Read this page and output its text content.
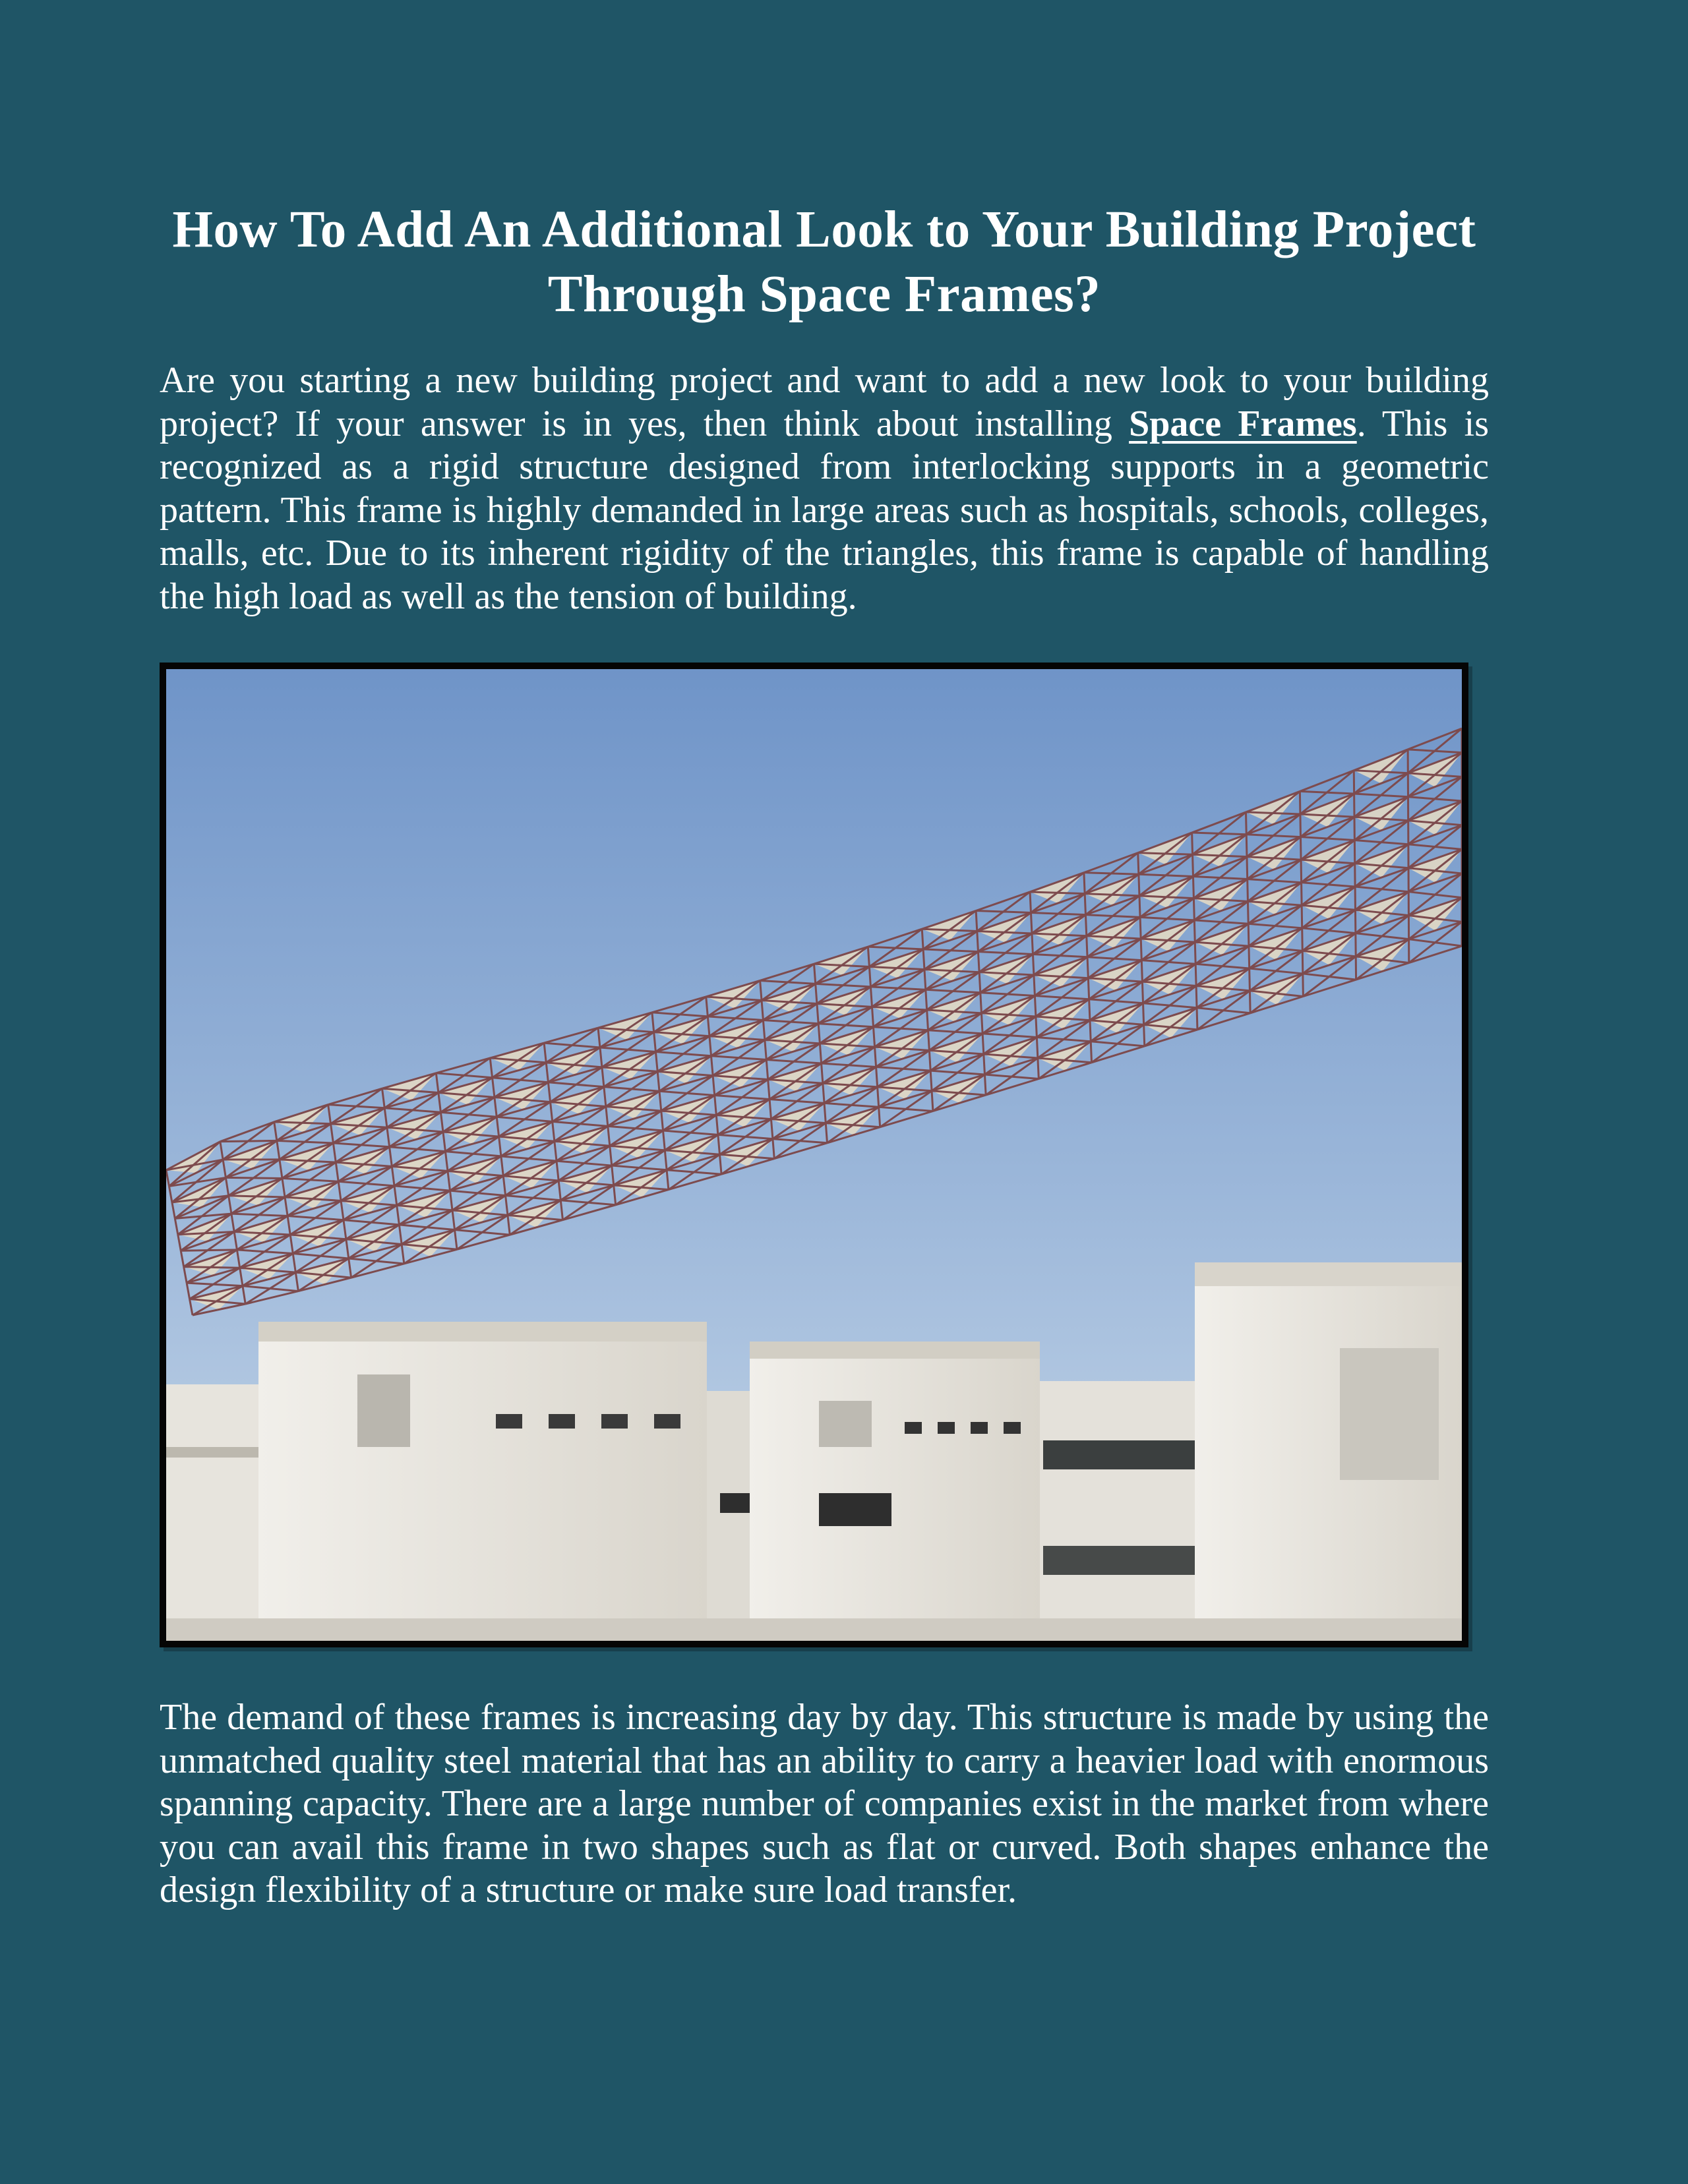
How To Add An Additional Look to Your Building Project Through Space Frames?

Are you starting a new building project and want to add a new look to your building project? If your answer is in yes, then think about installing Space Frames. This is recognized as a rigid structure designed from interlocking supports in a geometric pattern. This frame is highly demanded in large areas such as hospitals, schools, colleges, malls, etc. Due to its inherent rigidity of the triangles, this frame is capable of handling the high load as well as the tension of building.

The demand of these frames is increasing day by day. This structure is made by using the unmatched quality steel material that has an ability to carry a heavier load with enormous spanning capacity. There are a large number of companies exist in the market from where you can avail this frame in two shapes such as flat or curved. Both shapes enhance the design flexibility of a structure or make sure load transfer.
